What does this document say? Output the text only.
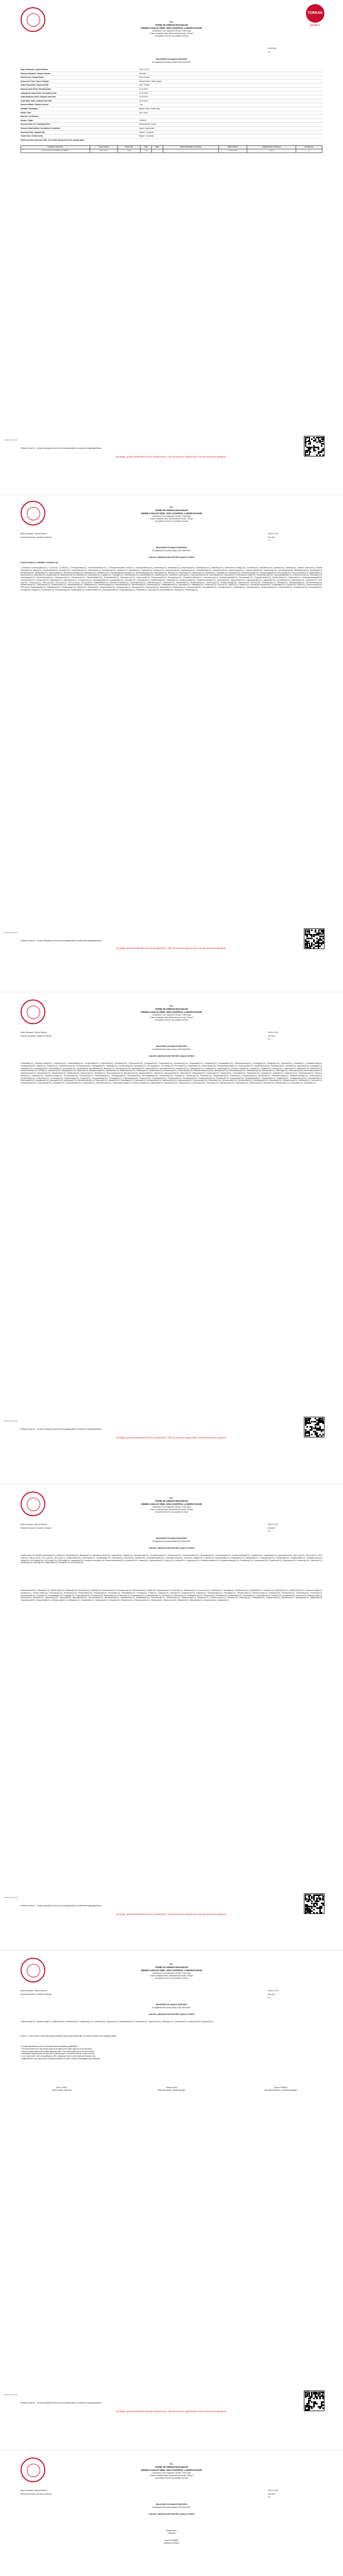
TÜRKAK
AB-0051-T
T.C.
TARIM VE ORMAN BAKANLIĞI
DENİZLİ ANALİZ ÖDEL GIDA KONTROL LABORATUVARI
Laboratory Food Inspection Denizli / Yoks Kaya
Kazım Karabekir Mah. Merkezefendi Denizli, Türkiye
Tel:(0258) 3713741 Fax:(0258) 3712318
18.03.2024
1/7
MUAYENE VE ANALİZ RAPORU
EXAMINATION AND ANALYSIS REPORT
Rapor Numarası / Report Number	2024-G-2743
Numune Numarası / Sample Number	Ürün Adı /
Numune Adı / Sample Name	Fresh Grapes
Numunenin Türü / Type of Sample	Sofralık Üzüm / Table Grapes
Analiz Talep Eden / Requested By	Özel / Private
Numune Alma Tarihi / Sampling Date	11.03.2024
Laboratuvar Kabul Tarihi / Acceptance Date	11.03.2024
Analiz Başlama Tarihi / Analysis Start Date	12.03.2024
Analiz Bitiş Tarihi / Analysis End Date	15.03.2024
Numune Miktarı / Sample Amount	1 kg
Ambalaj / Packaging	Naylon Poşet / Plastic Bag
Mühür / Seal	Yok / None
Parti No / Lot Number	-
Menşei / Origin	TÜRKİYE
Numune Alma Yeri / Sampling Place	Merkezefendi / Denizli
Numune Kabul Şartları / Acceptance Conditions	Uygun / Appropriate
Numuneyi Alan / Sampled By	Müşteri / Customer
Teslim Eden / Delivered By	Müşteri / Customer
Ekteki sonuçlar numuneye aittir. The results belong only to the sample given.
Parametre / Parameter	Sonuç / Result	Birim / Unit	LOQ	MRL	Ölçüm Belirsizliği / Uncertainty	Metot / Method	Değerlendirme / Evaluation	Akreditasyon
Pestisit Analizi (LC-MS/MS & GC-MS/MS)	Bkz. Liste	mg/kg	0,01	-	-	TS EN 15662	Uygun	A
FR-KK-01 / Rev.02
Elektronik İmza ile ... Amaçlı eDoğrulama Kodu ile www.sorgulamalab.com adresinden doğrulayabilirsiniz.
Bu belge, güvenli elektronik imza ile imzalanmıştır. This document is signed with a secure electronic signature.
T.C.
TARIM VE ORMAN BAKANLIĞI
DENİZLİ ANALİZ ÖDEL GIDA KONTROL LABORATUVARI
Laboratory Food Inspection Denizli / Yoks Kaya
Kazım Karabekir Mah. Merkezefendi Denizli, Türkiye
Tel:(0258) 3713741 Fax:(0258) 3712318
Rapor Numarası / Report Number
Numune Numarası / Number of Sample
2024-G-2743
Ürün Adı /
2/7
MUAYENE VE ANALİZ RAPORU
EXAMINATION AND ANALYSIS REPORT
KALINTI LABORATUVAR PESTİSİT ANALİZ LİSTESİ
Pestisit Analizi (LC-MS/MS) / Pesticide List
1,2-Dibromo-3-chloropropane(0,01), 2,4-D(0,01), 2,4-DB(0,01), 2-Phenylphenol(0,01), 3,5-Dichloroaniline(0,01), 4-Chlorophenoxyacetic acid(0,01), 6-Benzyladenine(0,01), Abamectin(0,01), Acephate(0,01), Acequinocyl(0,01), Acetamiprid(0,01), Acetochlor(0,01), Acibenzolar-S-methyl(0,01), Aclonifen(0,01), Acrinathrin(0,01), Alachlor(0,01), Aldicarb(0,01), Aldicarb sulfone(0,01), Aldicarb sulfoxide(0,01), Aldrin(0,01), Ametoctradin(0,01), Ametryn(0,01), Amidosulfuron(0,01), Aminocarb(0,01), Amisulbrom(0,01), Amitraz(0,01), Anilazine(0,01), Anilofos(0,01), Atrazine(0,01), Azaconazole(0,01), Azadirachtin(0,01), Azamethiphos(0,01), Azimsulfuron(0,01), Azinphos-ethyl(0,01), Azinphos-methyl(0,01), Aziprotryne(0,01), Azoxystrobin(0,01), Beflubutamid(0,01), Benalaxyl(0,01), Bendiocarb(0,01), Benfluralin(0,01), Benfuracarb(0,01), Bensulfuron-methyl(0,01), Bensulide(0,01), Bentazone(0,01), Benthiavalicarb-isopropyl(0,01), Benzovindiflupyr(0,01), Bifenazate(0,01), Bifenox(0,01), Bifenthrin(0,01), Bitertanol(0,01), Bixafen(0,01), Boscalid(0,01), Bromacil(0,01), Bromophos-ethyl(0,01), Bromopropylate(0,01), Bromoxynil(0,01), Bromuconazole(0,01), Bupirimate(0,01), Buprofezin(0,01), Butachlor(0,01), Butafenacil(0,01), Butocarboxim(0,01), Butralin(0,01), Cadusafos(0,01), Captan(0,01), Carbaryl(0,01), Carbendazim(0,01), Carbetamide(0,01), Carbofuran(0,01), Carbofuran-3-hydroxy(0,01), Carbophenothion(0,01), Carbosulfan(0,01), Carboxin(0,01), Carfentrazone-ethyl(0,01), Chinomethionat(0,01), Chlorantraniliprole(0,01), Chlorbromuron(0,01), Chlordane(0,01), Chlorfenapyr(0,01), Chlorfenvinphos(0,01), Chlorfluazuron(0,01), Chloridazon(0,01), Chlorobenzilate(0,01), Chlorothalonil(0,01), Chlorotoluron(0,01), Chloroxuron(0,01), Chlorpropham(0,01), Chlorpyrifos(0,01), Chlorpyrifos-methyl(0,01), Chlorsulfuron(0,01), Chlorthal-dimethyl(0,01), Chlozolinate(0,01), Chromafenozide(0,01), Cinidon-ethyl(0,01), Clethodim(0,01), Clodinafop-propargyl(0,01), Clofentezine(0,01), Clomazone(0,01), Clopyralid(0,01), Clothianidin(0,01), Coumaphos(0,01), Cyantraniliprole(0,01), Cyazofamid(0,01), Cycloate(0,01), Cycloxydim(0,01), Cyflufenamid(0,01), Cyfluthrin(0,01), Cyhalofop-butyl(0,01), Cyhalothrin-lambda(0,01), Cymoxanil(0,01), Cypermethrin(0,01), Cyproconazole(0,01), Cyprodinil(0,01), Cyromazine(0,01), Daminozide(0,01), Dazomet(0,01), DDD-o,p'(0,01), DDD-p,p'(0,01), DDE-o,p'(0,01), DDE-p,p'(0,01), DDT-o,p'(0,01), DDT-p,p'(0,01), Deltamethrin(0,01), Demeton-S-methyl(0,01), Desmedipham(0,01), Diafenthiuron(0,01), Diazinon(0,01), Dichlobenil(0,01), Dichlofluanid(0,01), Dichlorvos(0,01), Diclofop-methyl(0,01), Dicloran(0,01), Dicofol(0,01), Dicrotophos(0,01), Dieldrin(0,01), Diethofencarb(0,01), Difenoconazole(0,01), Diflubenzuron(0,01), Diflufenican(0,01), Dimethachlor(0,01), Dimethenamid(0,01), Dimethoate(0,01), Dimethomorph(0,01), Dimoxystrobin(0,01), Diniconazole(0,01), Dinotefuran(0,01), Diphenylamine(0,01), Disulfoton(0,01), Ditalimfos(0,01), Dithianon(0,01), Diuron(0,01), DMST(0,01), Dodine(0,01), Emamectin benzoate(0,01), Endosulfan(0,01), Endrin(0,01), EPN(0,01), Epoxiconazole(0,01), EPTC(0,01), Esfenvalerate(0,01), Ethalfluralin(0,01), Ethiofencarb(0,01), Ethion(0,01), Ethirimol(0,01), Ethofumesate(0,01), Ethoprophos(0,01), Ethoxyquin(0,01), Etofenprox(0,01), Etoxazole(0,01), Etridiazole(0,01), Famoxadone(0,01), Fenamidone(0,01), Fenamiphos(0,01), Fenarimol(0,01), Fenazaquin(0,01), Fenbuconazole(0,01), Fenhexamid(0,01), Fenitrothion(0,01), Fenobucarb(0,01), Fenoxaprop-P-ethyl(0,01), Fenoxycarb(0,01), Fenpropathrin(0,01), Fenpropidin(0,01), Fenpropimorph(0,01), Fenpyrazamine(0,01), Fenpyroximate(0,01), Fenthion(0,01), Fenuron(0,01), Fenvalerate(0,01), Fipronil(0,01), Flonicamid(0,01).
FR-KK-01 / Rev.02
Elektronik İmza ile ... Amaçlı eDoğrulama Kodu ile www.sorgulamalab.com adresinden doğrulayabilirsiniz.
Bu belge, güvenli elektronik imza ile imzalanmıştır. This document is signed with a secure electronic signature.
T.C.
TARIM VE ORMAN BAKANLIĞI
DENİZLİ ANALİZ ÖDEL GIDA KONTROL LABORATUVARI
Laboratory Food Inspection Denizli / Yoks Kaya
Kazım Karabekir Mah. Merkezefendi Denizli, Türkiye
Tel:(0258) 3713741 Fax:(0258) 3712318
Rapor Numarası / Report Number
Numune Numarası / Number of Sample
2024-G-2743
Ürün Adı /
3/7
MUAYENE VE ANALİZ RAPORU
EXAMINATION AND ANALYSIS REPORT
KALINTI LABORATUVAR PESTİSİT ANALİZ LİSTESİ
Florasulam(0,01), Fluazifop-P-butyl(0,01), Fluazinam(0,01), Flubendiamide(0,01), Flucythrinate(0,01), Fludioxonil(0,01), Flufenacet(0,01), Flufenoxuron(0,01), Flumetralin(0,01), Flumioxazin(0,01), Fluometuron(0,01), Fluopicolide(0,01), Fluopyram(0,01), Fluoxastrobin(0,01), Fluquinconazole(0,01), Fluroxypyr(0,01), Flusilazole(0,01), Flutolanil(0,01), Flutriafol(0,01), Fluvalinate-tau(0,01), Fluxapyroxad(0,01), Folpet(0,01), Fonofos(0,01), Forchlorfenuron(0,01), Formetanate(0,01), Fosthiazate(0,01), Furalaxyl(0,01), Furathiocarb(0,01), Haloxyfop(0,01), HCH-alpha(0,01), HCH-beta(0,01), HCH-delta(0,01), Heptachlor(0,01), Heptenophos(0,01), Hexachlorobenzene(0,01), Hexaconazole(0,01), Hexaflumuron(0,01), Hexythiazox(0,01), Imazalil(0,01), Imazamox(0,01), Imazapyr(0,01), Imazaquin(0,01), Imidacloprid(0,01), Indoxacarb(0,01), Iprobenfos(0,01), Iprodione(0,01), Iprovalicarb(0,01), Isazofos(0,01), Isocarbophos(0,01), Isofenphos(0,01), Isoprocarb(0,01), Isoprothiolane(0,01), Isoproturon(0,01), Isopyrazam(0,01), Isoxaben(0,01), Isoxaflutole(0,01), Kresoxim-methyl(0,01), Lenacil(0,01), Lindane(0,01), Linuron(0,01), Lufenuron(0,01), Malaoxon(0,01), Malathion(0,01), Mandipropamid(0,01), MCPA(0,01), Mecarbam(0,01), Mepanipyrim(0,01), Mepronil(0,01), Meptyldinocap(0,01), Mesotrione(0,01), Metaflumizone(0,01), Metalaxyl(0,01), Metamitron(0,01), Metazachlor(0,01), Metconazole(0,01), Methabenzthiazuron(0,01), Methacrifos(0,01), Methamidophos(0,01), Methidathion(0,01), Methiocarb(0,01), Methomyl(0,01), Methoxychlor(0,01), Methoxyfenozide(0,01), Metobromuron(0,01), Metolachlor(0,01), Metrafenone(0,01), Metribuzin(0,01), Mevinphos(0,01), Molinate(0,01), Monocrotophos(0,01), Monolinuron(0,01), Myclobutanil(0,01), Naled(0,01), Napropamide(0,01), Neburon(0,01), Nitenpyram(0,01), Novaluron(0,01), Nuarimol(0,01), Omethoate(0,01), Oxadiazon(0,01), Oxadixyl(0,01), Oxamyl(0,01), Oxyfluorfen(0,01), Paclobutrazol(0,01), Paraoxon-methyl(0,01), Parathion(0,01), Parathion-methyl(0,01), Penconazole(0,01), Pencycuron(0,01), Pendimethalin(0,01), Penthiopyrad(0,01), Permethrin(0,01), Phenmedipham(0,01), Phenthoate(0,01), Phorate(0,01), Phosalone(0,01), Phosmet(0,01), Phosphamidon(0,01), Phoxim(0,01), Picoxystrobin(0,01), Pirimicarb(0,01), Pirimiphos-ethyl(0,01), Pirimiphos-methyl(0,01), Prochloraz(0,01), Procymidone(0,01), Profenofos(0,01), Prometryn(0,01), Propamocarb(0,01), Propanil(0,01), Propaquizafop(0,01), Propargite(0,01), Propiconazole(0,01), Propoxur(0,01), Propyzamide(0,01), Proquinazid(0,01), Prosulfocarb(0,01), Prothioconazole(0,01), Prothiofos(0,01), Pymetrozine(0,01), Pyraclostrobin(0,01), Pyrazophos(0,01), Pyridaben(0,01), Pyridaphenthion(0,01), Pyrimethanil(0,01), Pyriproxyfen(0,01), Quinalphos(0,01), Quinoxyfen(0,01), Quintozene(0,01), Quizalofop-ethyl(0,01), Rotenone(0,01), Simazine(0,01), Spinetoram(0,01), Spinosad(0,01), Spirodiclofen(0,01), Spiromesifen(0,01), Spirotetramat(0,01), Spiroxamine(0,01), Sulfoxaflor(0,01), Tebuconazole(0,01), Tebufenozide(0,01), Tebufenpyrad(0,01), Tecnazene(0,01), Teflubenzuron(0,01), Tefluthrin(0,01), Terbufos(0,01), Terbuthylazine(0,01), Tetraconazole(0,01), Tetradifon(0,01), Thiabendazole(0,01), Thiacloprid(0,01), Thiamethoxam(0,01), Thiophanate-methyl(0,01), Tolclofos-methyl(0,01), Tolylfluanid(0,01), Triadimefon(0,01), Triadimenol(0,01), Triazophos(0,01), Trichlorfon(0,01), Trifloxystrobin(0,01), Triflumizole(0,01), Triflumuron(0,01), Trifluralin(0,01), Triticonazole(0,01), Vinclozolin(0,01), Zoxamide(0,01).
FR-KK-01 / Rev.02
Elektronik İmza ile ... Amaçlı eDoğrulama Kodu ile www.sorgulamalab.com adresinden doğrulayabilirsiniz.
Bu belge, güvenli elektronik imza ile imzalanmıştır. This document is signed with a secure electronic signature.
T.C.
TARIM VE ORMAN BAKANLIĞI
DENİZLİ ANALİZ ÖDEL GIDA KONTROL LABORATUVARI
Laboratory Food Inspection Denizli / Yoks Kaya
Kazım Karabekir Mah. Merkezefendi Denizli, Türkiye
Tel:(0258) 3713741 Fax:(0258) 3712318
Rapor Numarası / Report Number
Numune Numarası / Number of Sample
2024-G-2743
Ürün Adı /
4/7
MUAYENE VE ANALİZ RAPORU
EXAMINATION AND ANALYSIS REPORT
KALINTI LABORATUVAR PESTİSİT ANALİZ LİSTESİ
Pestisit Analizi (GC-MS/MS): Acrinathrin(0,01), Aldrin(0,01), Benfluralin(0,01), Bifenthrin(0,01), Bromophos-ethyl(0,01), Captafol(0,01), Captan(0,01), Chlordane-cis(0,01), Chlordane-trans(0,01), Chlorfenson(0,01), Chlorobenzilate(0,01), Chlorothalonil(0,01), Chlorpropham(0,01), Chlorthal-dimethyl(0,01), Cyfluthrin(0,01), Cyhalothrin(0,01), Cypermethrin(0,01), DDD-o,p'(0,01), DDD-p,p'(0,01), DDE-o,p'(0,01), DDE-p,p'(0,01), DDT-o,p'(0,01), DDT-p,p'(0,01), Deltamethrin(0,01), Dichlobenil(0,01), Dichlofluanid(0,01), Dicloran(0,01), Dicofol(0,01), Dieldrin(0,01), Endosulfan-alpha(0,01), Endosulfan-beta(0,01), Endosulfan sulfate(0,01), Endrin(0,01), Esfenvalerate(0,01), Ethalfluralin(0,01), Etridiazole(0,01), Fenpropathrin(0,01), Fenvalerate(0,01), Flucythrinate(0,01), Fluvalinate-tau(0,01), Folpet(0,01), HCH-alpha(0,01), HCH-beta(0,01), HCH-delta(0,01), Heptachlor(0,01), Heptachlor epoxide(0,01), Hexachlorobenzene(0,01), Iprodione(0,01), Lindane(0,01), Methoxychlor(0,01), Mirex(0,01), Nitrofen(0,01), Oxyfluorfen(0,01), Pentachloroaniline(0,01), Pentachloroanisole(0,01), Permethrin(0,01), Procymidone(0,01), Propachlor(0,01), Quintozene(0,01), Tecnazene(0,01), Tefluthrin(0,01), Tetradifon(0,01), Tetrasul(0,01), Tolylfluanid(0,01), Trifluralin(0,01), Vinclozolin(0,01).
Metoksifenozid(0,01), Metolaklor(0,01), Metrafenon(0,01), Metribuzin(0,01), Mevinfos(0,01), Molinat(0,01), Monokrotofos(0,01), Monolinuron(0,01), Miklobutanil(0,01), Naled(0,01), Napropamid(0,01), Neburon(0,01), Nitenpiram(0,01), Novaluron(0,01), Nuarimol(0,01), Ometoat(0,01), Oksadiazon(0,01), Oksadiksil(0,01), Oksamil(0,01), Oksifluorfen(0,01), Paklobutrazol(0,01), Paraokson-metil(0,01), Paration(0,01), Paration-metil(0,01), Penkonazol(0,01), Pensikuron(0,01), Pendimetalin(0,01), Pentiopirad(0,01), Permetrin(0,01), Fenmedifam(0,01), Fentoat(0,01), Forat(0,01), Fosalon(0,01), Fosmet(0,01), Fosfamidon(0,01), Foksim(0,01), Pikoksistrobin(0,01), Pirimikarb(0,01), Pirimifos-etil(0,01), Pirimifos-metil(0,01), Prokloraz(0,01), Prosimidon(0,01), Profenofos(0,01), Prometrin(0,01), Propamokarb(0,01), Propanil(0,01), Propakizafop(0,01), Propargit(0,01), Propikonazol(0,01), Propoksur(0,01), Propizamid(0,01), Prokinazid(0,01), Prosulfokarb(0,01), Protiokonazol(0,01), Protiofos(0,01), Pimetrozin(0,01), Piraklostrobin(0,01), Pirazofos(0,01), Piridaben(0,01), Piridafention(0,01), Pirimetanil(0,01), Piriproksifen(0,01), Kinalfos(0,01), Kinoksifen(0,01), Kintozen(0,01), Kizalofop-etil(0,01), Rotenon(0,01), Simazin(0,01), Spinetoram(0,01), Spinosad(0,01), Spirodiklofen(0,01), Spiromesifen(0,01), Spirotetramat(0,01), Spiroksamin(0,01), Sulfoksaflor(0,01), Tebukonazol(0,01), Tebufenozid(0,01), Tebufenpirad(0,01), Teknazen(0,01), Teflubenzuron(0,01), Teflutrin(0,01), Terbufos(0,01), Terbutilazin(0,01), Tetrakonazol(0,01), Tetradifon(0,01), Tiabendazol(0,01), Tiakloprid(0,01), Tiametoksam(0,01), Tiofanat-metil(0,01), Tolklofos-metil(0,01), Tolilfluanid(0,01), Triadimefon(0,01), Triadimenol(0,01), Triazofos(0,01), Triklorfon(0,01), Trifloksistrobin(0,01), Triflumizol(0,01), Triflumuron(0,01), Trifluralin(0,01), Tritikonazol(0,01), Vinklozolin(0,01), Zoksamid(0,01).
FR-KK-01 / Rev.02
Elektronik İmza ile ... Amaçlı eDoğrulama Kodu ile www.sorgulamalab.com adresinden doğrulayabilirsiniz.
Bu belge, güvenli elektronik imza ile imzalanmıştır. This document is signed with a secure electronic signature.
T.C.
TARIM VE ORMAN BAKANLIĞI
DENİZLİ ANALİZ ÖDEL GIDA KONTROL LABORATUVARI
Laboratory Food Inspection Denizli / Yoks Kaya
Kazım Karabekir Mah. Merkezefendi Denizli, Türkiye
Tel:(0258) 3713741 Fax:(0258) 3712318
Rapor Numarası / Report Number
Numune Numarası / Number of Sample
2024-G-2743
Ürün Adı /
5/7
MUAYENE VE ANALİZ RAPORU
EXAMINATION AND ANALYSIS REPORT
KALINTI LABORATUVAR PESTİSİT ANALİZ LİSTESİ
Tiofanat-metil(0,01), Tolklofos-metil(0,01), Tolilfluanid(0,01), Triadimefon(0,01), Triadimenol(0,01), Triazofos(0,01), Triklorfon(0,01), Trifloksistrobin(0,01), Triflumizol(0,01), Triflumuron(0,01), Trifluralin(0,01), Tritikonazol(0,01), Vinklozolin(0,01), Zoksamid(0,01).
SONUÇ / CONCLUSION: Numunede yapılan analizlerde kalıntı tespit edilmemiştir. No residue detected in the analysed sample.
* Bu rapor laboratuvarın yazılı izni olmadan kısmen kopyalanıp çoğaltılamaz.
* This report shall not be reproduced except in full without the written approval of the laboratory.
* Ölçüm sonuçları yalnızca test edilen numuneye aittir. / Test results relate only to the items tested.
* Akreditasyon kapsamındaki deneyler (A) ile işaretlenmiştir. / Accredited tests are marked with (A).
* LOQ: Tayin Limiti / Limit of Quantification. MRL: Maksimum Kalıntı Limiti / Maximum Residue Limit.
* Değerlendirme Türk Gıda Kodeksi Pestisitlerin Maksimum Kalıntı Limitleri Yönetmeliğine göre yapılmıştır.
Burcu TOPAK
Analizi Yapan / Tested By
Hüseyin KAYA
Kalite Sorumlusu / Quality Manager
Şermin TOMBAŞ
Laboratuvar Müdürü / Laboratory Manager
FR-KK-01 / Rev.02
Elektronik İmza ile ... Amaçlı eDoğrulama Kodu ile www.sorgulamalab.com adresinden doğrulayabilirsiniz.
Bu belge, güvenli elektronik imza ile imzalanmıştır. This document is signed with a secure electronic signature.
T.C.
TARIM VE ORMAN BAKANLIĞI
DENİZLİ ANALİZ ÖDEL GIDA KONTROL LABORATUVARI
Laboratory Food Inspection Denizli / Yoks Kaya
Kazım Karabekir Mah. Merkezefendi Denizli, Türkiye
Tel:(0258) 3713741 Fax:(0258) 3712318
Rapor Numarası / Report Number
Numune Numarası / Number of Sample
2024-G-2743
Ürün Adı /
6/7
MUAYENE VE ANALİZ RAPORU
EXAMINATION AND ANALYSIS REPORT
KALINTI LABORATUVAR PESTİSİT ANALİZ LİSTESİ
Sezgin Akson
V.Müdürlü
Şermin TOMBAŞ
Laboratuvar Müdürü
